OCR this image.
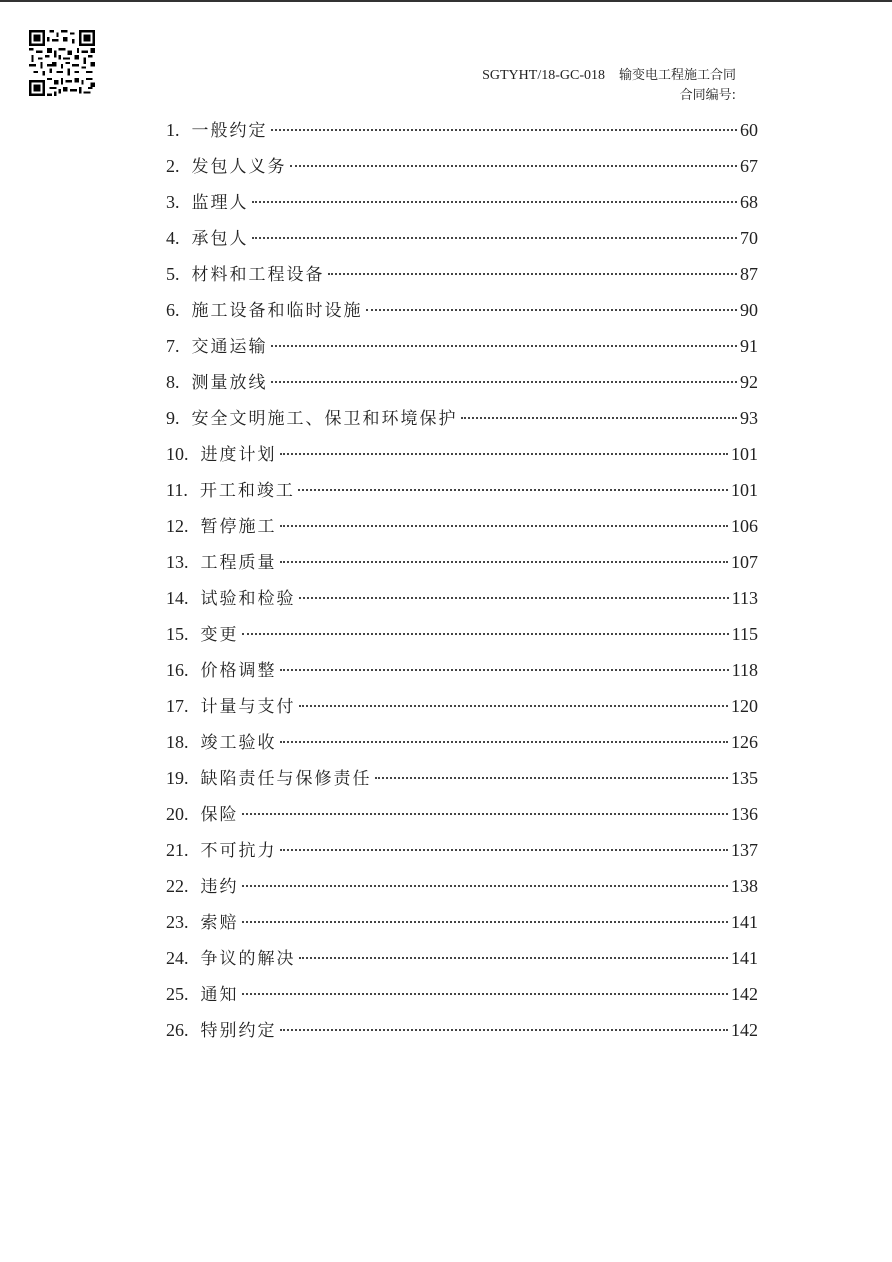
SGTYHT/18-GC-018 输变电工程施工合同
合同编号:
1. 一般约定	60
2. 发包人义务	67
3. 监理人	68
4. 承包人	70
5. 材料和工程设备	87
6. 施工设备和临时设施	90
7. 交通运输	91
8. 测量放线	92
9. 安全文明施工、保卫和环境保护	93
10. 进度计划	101
11. 开工和竣工	101
12. 暂停施工	106
13. 工程质量	107
14. 试验和检验	113
15. 变更	115
16. 价格调整	118
17. 计量与支付	120
18. 竣工验收	126
19. 缺陷责任与保修责任	135
20. 保险	136
21. 不可抗力	137
22. 违约	138
23. 索赔	141
24. 争议的解决	141
25. 通知	142
26. 特别约定	142
